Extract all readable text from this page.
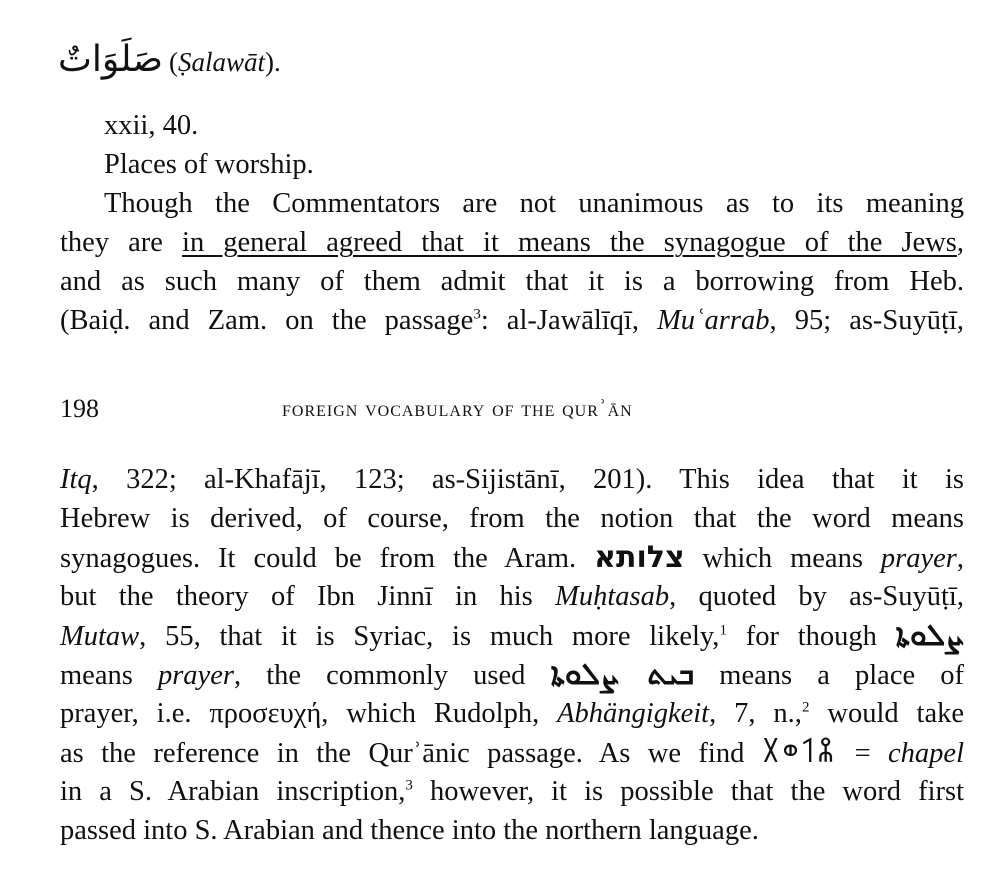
صَلَوَاتٌ (Ṣalawāt).
xxii, 40.
Places of worship.
Though the Commentators are not unanimous as to its meaning
they are in general agreed that it means the synagogue of the Jews,
and as such many of them admit that it is a borrowing from Heb.
(Baiḍ. and Zam. on the passage$^3$: al-Jawālīqī, Muʿarrab, 95; as-Suyūṭī,
198	foreign vocabulary of the qurʾān
Itq, 322; al-Khafājī, 123; as-Sijistānī, 201). This idea that it is
Hebrew is derived, of course, from the notion that the word means
synagogues. It could be from the Aram. צלותא which means prayer,
but the theory of Ibn Jinnī in his Muḥtasab, quoted by as-Suyūṭī,
Mutaw, 55, that it is Syriac, is much more likely,$^1$ for though ܨܠܘܬܐ
means prayer, the commonly used ܒܝܬ ܨܠܘܬܐ means a place of
prayer, i.e. προσευχή, which Rudolph, Abhängigkeit, 7, n.,$^2$ would take
as the reference in the Qurʾānic passage. As we find 𐩮𐩡𐩥𐩩 = chapel
in a S. Arabian inscription,$^3$ however, it is possible that the word first
passed into S. Arabian and thence into the northern language.
